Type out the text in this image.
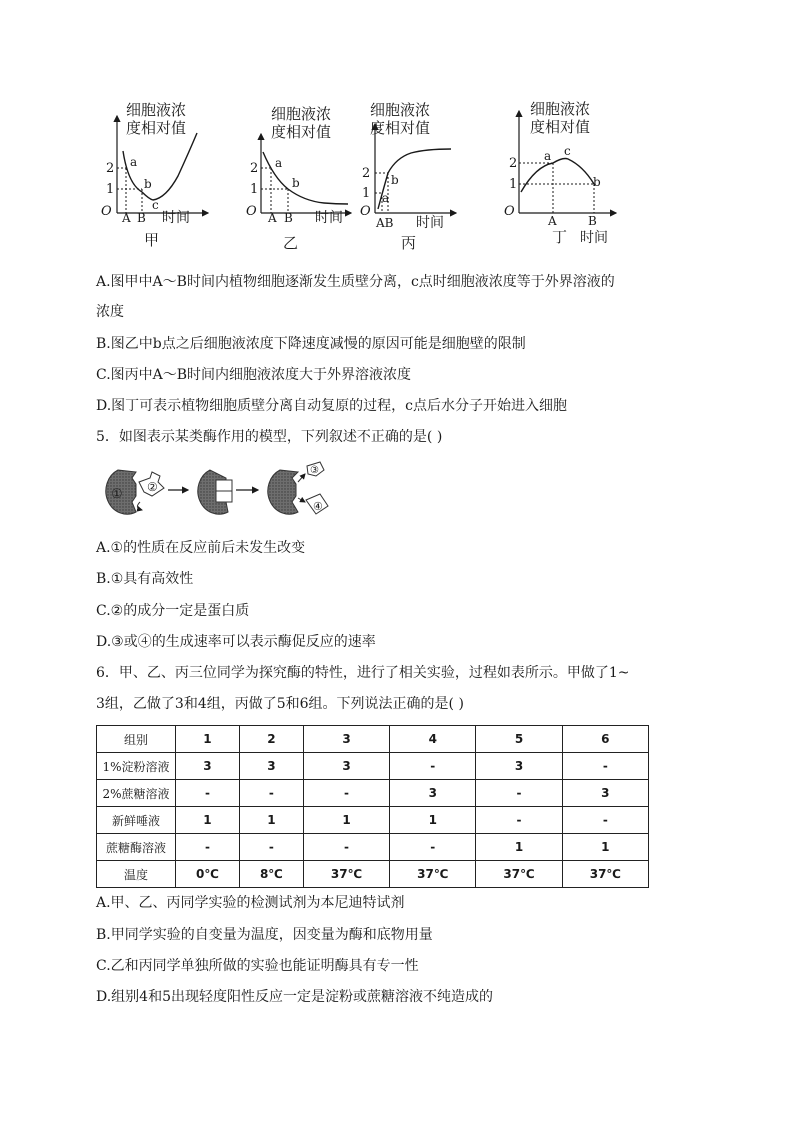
细胞液浓
度相对值
2
1
O
a
b
c
A B 时间
甲
细胞液浓
度相对值
2
1
O
a
b
A B 时间
乙
细胞液浓
度相对值
2
1
O
a
b
AB 时间
丙
细胞液浓
度相对值
2
1
O
a c
b
A	B
时间
丁
A.图甲中A～B时间内植物细胞逐渐发生质壁分离，c点时细胞液浓度等于外界溶液的
浓度
B.图乙中b点之后细胞液浓度下降速度减慢的原因可能是细胞壁的限制
C.图丙中A～B时间内细胞液浓度大于外界溶液浓度
D.图丁可表示植物细胞质壁分离自动复原的过程，c点后水分子开始进入细胞
5．如图表示某类酶作用的模型，下列叙述不正确的是( )
① ②
③
④
A.①的性质在反应前后未发生改变
B.①具有高效性
C.②的成分一定是蛋白质
D.③或④的生成速率可以表示酶促反应的速率
6．甲、乙、丙三位同学为探究酶的特性，进行了相关实验，过程如表所示。甲做了1~
3组，乙做了3和4组，丙做了5和6组。下列说法正确的是( )
组别	1	2	3	4	5	6
1%淀粉溶液	3	3	3	-	3	-
2%蔗糖溶液	-	-	-	3	-	3
新鲜唾液	1	1	1	1	-	-
蔗糖酶溶液	-	-	-	-	1	1
温度	0℃	8℃	37℃	37℃	37℃	37℃
A.甲、乙、丙同学实验的检测试剂为本尼迪特试剂
B.甲同学实验的自变量为温度，因变量为酶和底物用量
C.乙和丙同学单独所做的实验也能证明酶具有专一性
D.组别4和5出现轻度阳性反应一定是淀粉或蔗糖溶液不纯造成的
